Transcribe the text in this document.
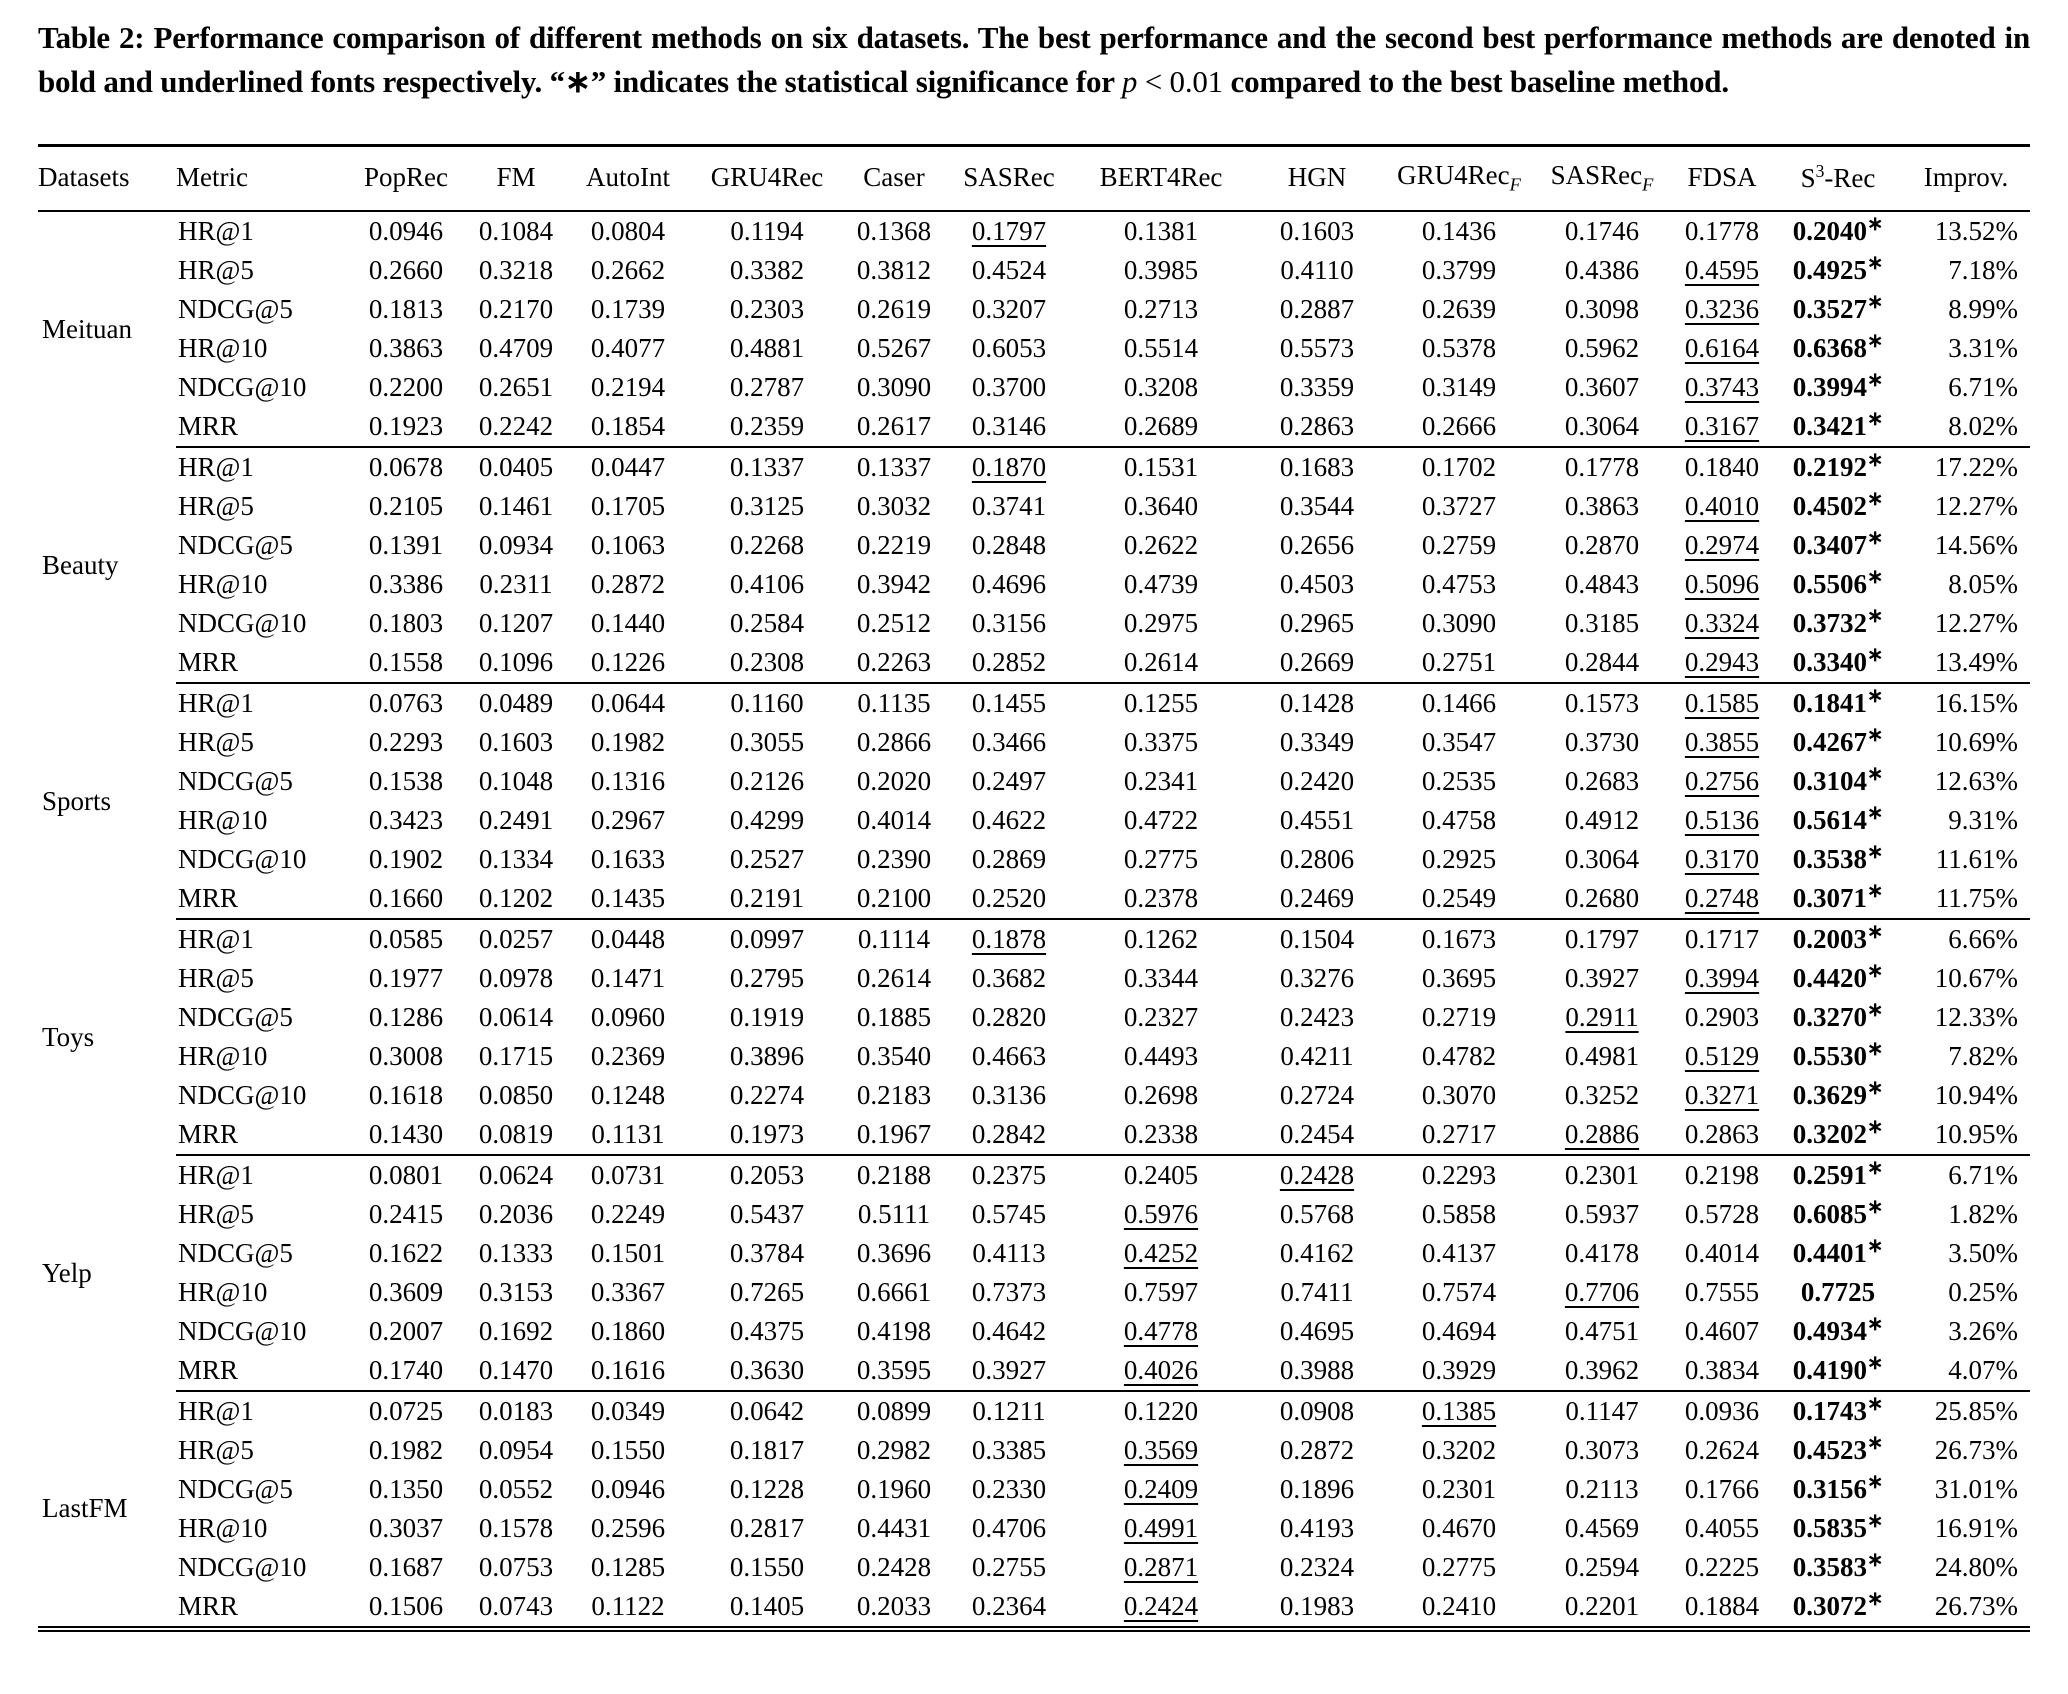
Table 2: Performance comparison of different methods on six datasets. The best performance and the second best performance methods are denoted in bold and underlined fonts respectively. “∗” indicates the statistical significance for p < 0.01 compared to the best baseline method.
Datasets	Metric	PopRec	FM	AutoInt	GRU4Rec	Caser	SASRec	BERT4Rec	HGN	GRU4Rec$_F$	SASRec$_F$	FDSA	$S^3$-Rec	Improv.
Meituan	HR@1	0.0946	0.1084	0.0804	0.1194	0.1368	0.1797	0.1381	0.1603	0.1436	0.1746	0.1778	0.2040∗	13.52%
	HR@5	0.2660	0.3218	0.2662	0.3382	0.3812	0.4524	0.3985	0.4110	0.3799	0.4386	0.4595	0.4925∗	7.18%
	NDCG@5	0.1813	0.2170	0.1739	0.2303	0.2619	0.3207	0.2713	0.2887	0.2639	0.3098	0.3236	0.3527∗	8.99%
	HR@10	0.3863	0.4709	0.4077	0.4881	0.5267	0.6053	0.5514	0.5573	0.5378	0.5962	0.6164	0.6368∗	3.31%
	NDCG@10	0.2200	0.2651	0.2194	0.2787	0.3090	0.3700	0.3208	0.3359	0.3149	0.3607	0.3743	0.3994∗	6.71%
	MRR	0.1923	0.2242	0.1854	0.2359	0.2617	0.3146	0.2689	0.2863	0.2666	0.3064	0.3167	0.3421∗	8.02%
Beauty	HR@1	0.0678	0.0405	0.0447	0.1337	0.1337	0.1870	0.1531	0.1683	0.1702	0.1778	0.1840	0.2192∗	17.22%
	HR@5	0.2105	0.1461	0.1705	0.3125	0.3032	0.3741	0.3640	0.3544	0.3727	0.3863	0.4010	0.4502∗	12.27%
	NDCG@5	0.1391	0.0934	0.1063	0.2268	0.2219	0.2848	0.2622	0.2656	0.2759	0.2870	0.2974	0.3407∗	14.56%
	HR@10	0.3386	0.2311	0.2872	0.4106	0.3942	0.4696	0.4739	0.4503	0.4753	0.4843	0.5096	0.5506∗	8.05%
	NDCG@10	0.1803	0.1207	0.1440	0.2584	0.2512	0.3156	0.2975	0.2965	0.3090	0.3185	0.3324	0.3732∗	12.27%
	MRR	0.1558	0.1096	0.1226	0.2308	0.2263	0.2852	0.2614	0.2669	0.2751	0.2844	0.2943	0.3340∗	13.49%
Sports	HR@1	0.0763	0.0489	0.0644	0.1160	0.1135	0.1455	0.1255	0.1428	0.1466	0.1573	0.1585	0.1841∗	16.15%
	HR@5	0.2293	0.1603	0.1982	0.3055	0.2866	0.3466	0.3375	0.3349	0.3547	0.3730	0.3855	0.4267∗	10.69%
	NDCG@5	0.1538	0.1048	0.1316	0.2126	0.2020	0.2497	0.2341	0.2420	0.2535	0.2683	0.2756	0.3104∗	12.63%
	HR@10	0.3423	0.2491	0.2967	0.4299	0.4014	0.4622	0.4722	0.4551	0.4758	0.4912	0.5136	0.5614∗	9.31%
	NDCG@10	0.1902	0.1334	0.1633	0.2527	0.2390	0.2869	0.2775	0.2806	0.2925	0.3064	0.3170	0.3538∗	11.61%
	MRR	0.1660	0.1202	0.1435	0.2191	0.2100	0.2520	0.2378	0.2469	0.2549	0.2680	0.2748	0.3071∗	11.75%
Toys	HR@1	0.0585	0.0257	0.0448	0.0997	0.1114	0.1878	0.1262	0.1504	0.1673	0.1797	0.1717	0.2003∗	6.66%
	HR@5	0.1977	0.0978	0.1471	0.2795	0.2614	0.3682	0.3344	0.3276	0.3695	0.3927	0.3994	0.4420∗	10.67%
	NDCG@5	0.1286	0.0614	0.0960	0.1919	0.1885	0.2820	0.2327	0.2423	0.2719	0.2911	0.2903	0.3270∗	12.33%
	HR@10	0.3008	0.1715	0.2369	0.3896	0.3540	0.4663	0.4493	0.4211	0.4782	0.4981	0.5129	0.5530∗	7.82%
	NDCG@10	0.1618	0.0850	0.1248	0.2274	0.2183	0.3136	0.2698	0.2724	0.3070	0.3252	0.3271	0.3629∗	10.94%
	MRR	0.1430	0.0819	0.1131	0.1973	0.1967	0.2842	0.2338	0.2454	0.2717	0.2886	0.2863	0.3202∗	10.95%
Yelp	HR@1	0.0801	0.0624	0.0731	0.2053	0.2188	0.2375	0.2405	0.2428	0.2293	0.2301	0.2198	0.2591∗	6.71%
	HR@5	0.2415	0.2036	0.2249	0.5437	0.5111	0.5745	0.5976	0.5768	0.5858	0.5937	0.5728	0.6085∗	1.82%
	NDCG@5	0.1622	0.1333	0.1501	0.3784	0.3696	0.4113	0.4252	0.4162	0.4137	0.4178	0.4014	0.4401∗	3.50%
	HR@10	0.3609	0.3153	0.3367	0.7265	0.6661	0.7373	0.7597	0.7411	0.7574	0.7706	0.7555	0.7725	0.25%
	NDCG@10	0.2007	0.1692	0.1860	0.4375	0.4198	0.4642	0.4778	0.4695	0.4694	0.4751	0.4607	0.4934∗	3.26%
	MRR	0.1740	0.1470	0.1616	0.3630	0.3595	0.3927	0.4026	0.3988	0.3929	0.3962	0.3834	0.4190∗	4.07%
LastFM	HR@1	0.0725	0.0183	0.0349	0.0642	0.0899	0.1211	0.1220	0.0908	0.1385	0.1147	0.0936	0.1743∗	25.85%
	HR@5	0.1982	0.0954	0.1550	0.1817	0.2982	0.3385	0.3569	0.2872	0.3202	0.3073	0.2624	0.4523∗	26.73%
	NDCG@5	0.1350	0.0552	0.0946	0.1228	0.1960	0.2330	0.2409	0.1896	0.2301	0.2113	0.1766	0.3156∗	31.01%
	HR@10	0.3037	0.1578	0.2596	0.2817	0.4431	0.4706	0.4991	0.4193	0.4670	0.4569	0.4055	0.5835∗	16.91%
	NDCG@10	0.1687	0.0753	0.1285	0.1550	0.2428	0.2755	0.2871	0.2324	0.2775	0.2594	0.2225	0.3583∗	24.80%
	MRR	0.1506	0.0743	0.1122	0.1405	0.2033	0.2364	0.2424	0.1983	0.2410	0.2201	0.1884	0.3072∗	26.73%
